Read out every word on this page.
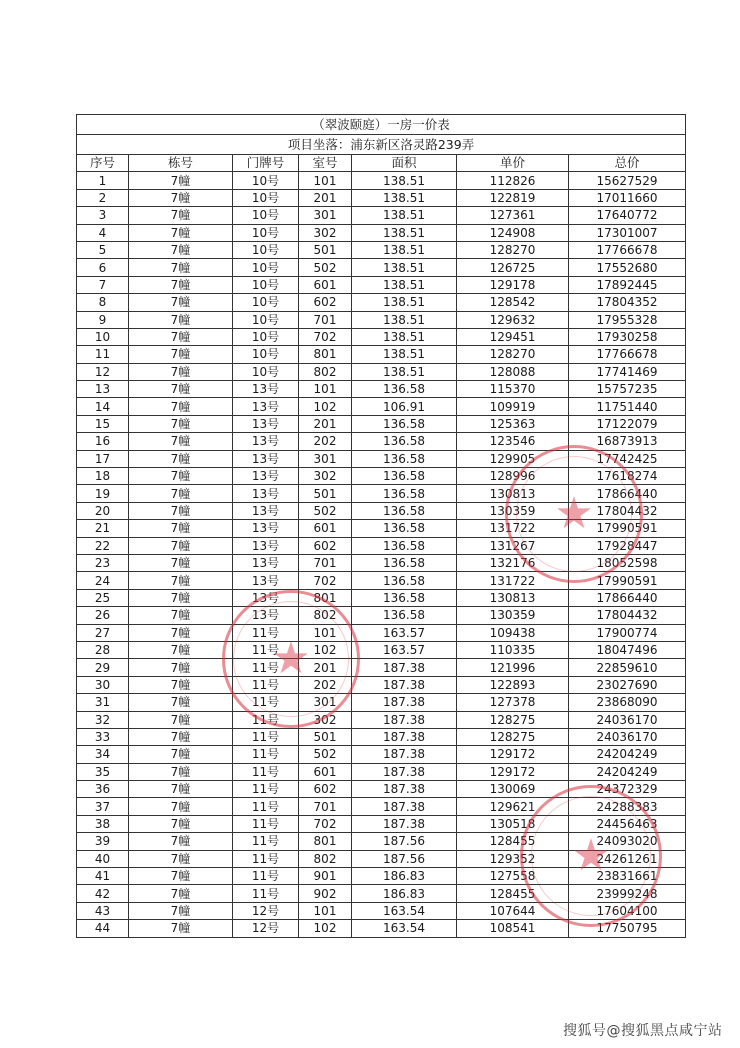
（翠波颐庭）一房一价表						
项目坐落：浦东新区洛灵路239弄						
序号	栋号	门牌号	室号	面积	单价	总价
1	7幢	10号	101	138.51	112826	15627529
2	7幢	10号	201	138.51	122819	17011660
3	7幢	10号	301	138.51	127361	17640772
4	7幢	10号	302	138.51	124908	17301007
5	7幢	10号	501	138.51	128270	17766678
6	7幢	10号	502	138.51	126725	17552680
7	7幢	10号	601	138.51	129178	17892445
8	7幢	10号	602	138.51	128542	17804352
9	7幢	10号	701	138.51	129632	17955328
10	7幢	10号	702	138.51	129451	17930258
11	7幢	10号	801	138.51	128270	17766678
12	7幢	10号	802	138.51	128088	17741469
13	7幢	13号	101	136.58	115370	15757235
14	7幢	13号	102	106.91	109919	11751440
15	7幢	13号	201	136.58	125363	17122079
16	7幢	13号	202	136.58	123546	16873913
17	7幢	13号	301	136.58	129905	17742425
18	7幢	13号	302	136.58	128996	17618274
19	7幢	13号	501	136.58	130813	17866440
20	7幢	13号	502	136.58	130359	17804432
21	7幢	13号	601	136.58	131722	17990591
22	7幢	13号	602	136.58	131267	17928447
23	7幢	13号	701	136.58	132176	18052598
24	7幢	13号	702	136.58	131722	17990591
25	7幢	13号	801	136.58	130813	17866440
26	7幢	13号	802	136.58	130359	17804432
27	7幢	11号	101	163.57	109438	17900774
28	7幢	11号	102	163.57	110335	18047496
29	7幢	11号	201	187.38	121996	22859610
30	7幢	11号	202	187.38	122893	23027690
31	7幢	11号	301	187.38	127378	23868090
32	7幢	11号	302	187.38	128275	24036170
33	7幢	11号	501	187.38	128275	24036170
34	7幢	11号	502	187.38	129172	24204249
35	7幢	11号	601	187.38	129172	24204249
36	7幢	11号	602	187.38	130069	24372329
37	7幢	11号	701	187.38	129621	24288383
38	7幢	11号	702	187.38	130518	24456463
39	7幢	11号	801	187.56	128455	24093020
40	7幢	11号	802	187.56	129352	24261261
41	7幢	11号	901	186.83	127558	23831661
42	7幢	11号	902	186.83	128455	23999248
43	7幢	12号	101	163.54	107644	17604100
44	7幢	12号	102	163.54	108541	17750795
★
★
★
搜狐号@搜狐黑点咸宁站
